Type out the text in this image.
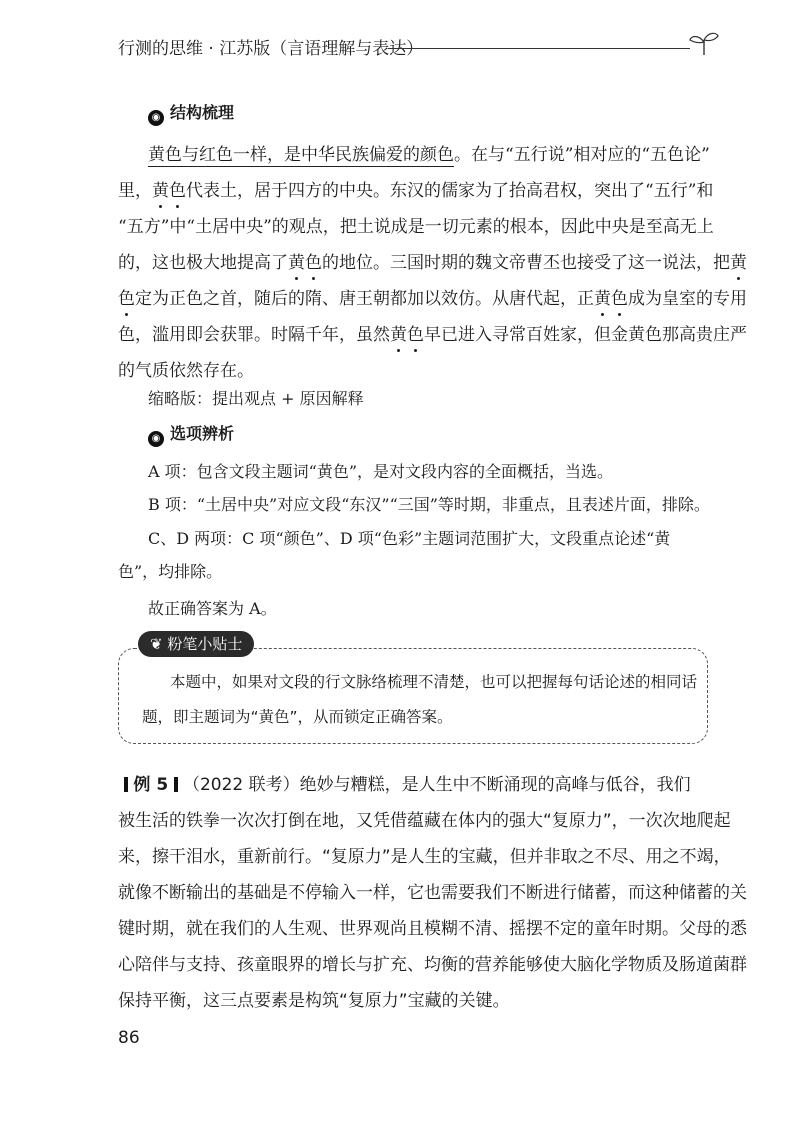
行测的思维 · 江苏版（言语理解与表达）
◉ 结构梳理
黄色与红色一样，是中华民族偏爱的颜色。在与“五行说”相对应的“五色论”
里，黄色代表土，居于四方的中央。东汉的儒家为了抬高君权，突出了“五行”和
“五方”中“土居中央”的观点，把土说成是一切元素的根本，因此中央是至高无上
的，这也极大地提高了黄色的地位。三国时期的魏文帝曹丕也接受了这一说法，把黄
色定为正色之首，随后的隋、唐王朝都加以效仿。从唐代起，正黄色成为皇室的专用
色，滥用即会获罪。时隔千年，虽然黄色早已进入寻常百姓家，但金黄色那高贵庄严
的气质依然存在。
缩略版：提出观点 + 原因解释
◉ 选项辨析
A 项：包含文段主题词“黄色”，是对文段内容的全面概括，当选。
B 项：“土居中央”对应文段“东汉”“三国”等时期，非重点，且表述片面，排除。
C、D 两项：C 项“颜色”、D 项“色彩”主题词范围扩大，文段重点论述“黄
色”，均排除。
故正确答案为 A。
❦ 粉笔小贴士
本题中，如果对文段的行文脉络梳理不清楚，也可以把握每句话论述的相同话
题，即主题词为“黄色”，从而锁定正确答案。
例 5 （2022 联考）绝妙与糟糕，是人生中不断涌现的高峰与低谷，我们
被生活的铁拳一次次打倒在地，又凭借蕴藏在体内的强大“复原力”，一次次地爬起
来，擦干泪水，重新前行。“复原力”是人生的宝藏，但并非取之不尽、用之不竭，
就像不断输出的基础是不停输入一样，它也需要我们不断进行储蓄，而这种储蓄的关
键时期，就在我们的人生观、世界观尚且模糊不清、摇摆不定的童年时期。父母的悉
心陪伴与支持、孩童眼界的增长与扩充、均衡的营养能够使大脑化学物质及肠道菌群
保持平衡，这三点要素是构筑“复原力”宝藏的关键。
86
